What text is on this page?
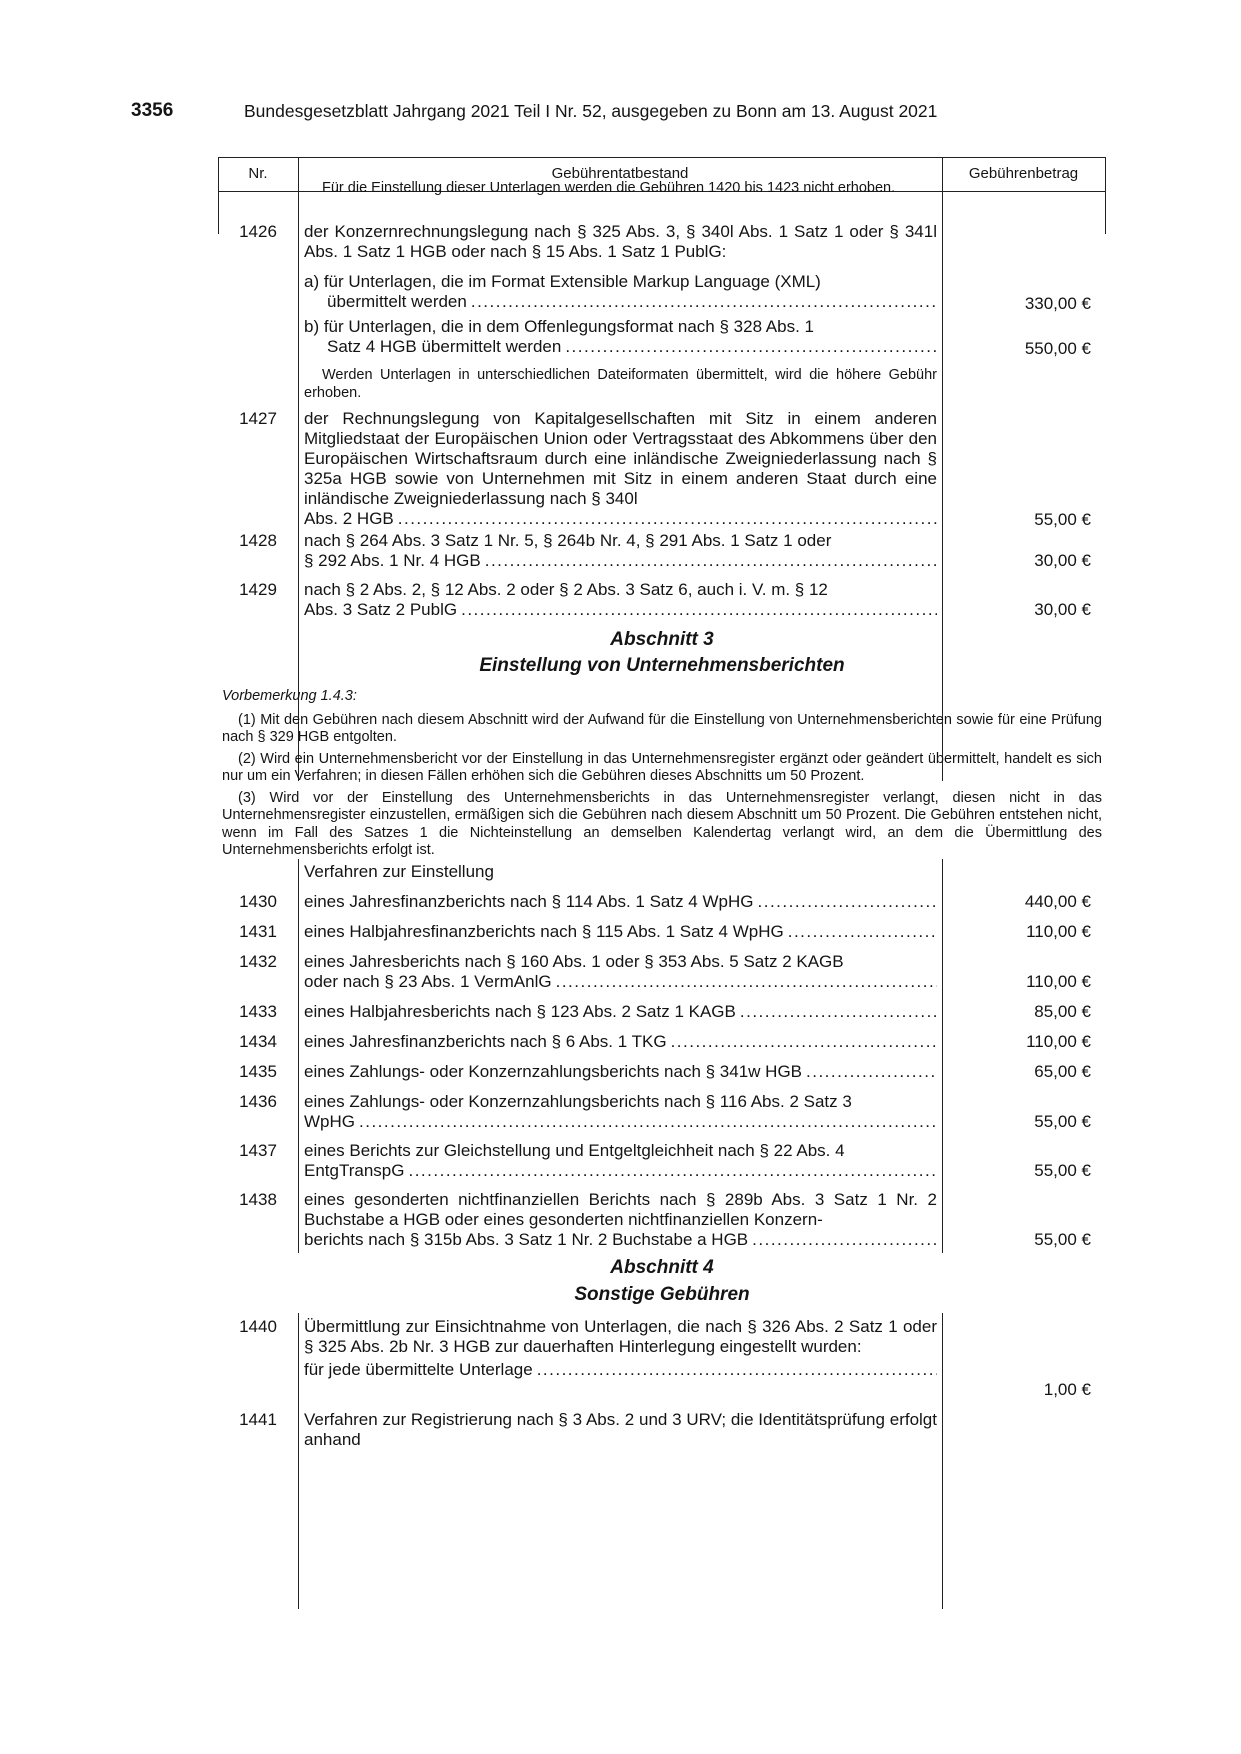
3356	Bundesgesetzblatt Jahrgang 2021 Teil I Nr. 52, ausgegeben zu Bonn am 13. August 2021
Nr.	Gebührentatbestand	Gebührenbetrag
Für die Einstellung dieser Unterlagen werden die Gebühren 1420 bis 1423 nicht erhoben.
1426	der Konzernrechnungslegung nach § 325 Abs. 3, § 340l Abs. 1 Satz 1 oder § 341l Abs. 1 Satz 1 HGB oder nach § 15 Abs. 1 Satz 1 PublG:
a) für Unterlagen, die im Format Extensible Markup Language (XML)
übermittelt werden .....	330,00 €
b) für Unterlagen, die in dem Offenlegungsformat nach § 328 Abs. 1
Satz 4 HGB übermittelt werden .....	550,00 €
Werden Unterlagen in unterschiedlichen Dateiformaten übermittelt, wird die höhere Gebühr erhoben.
1427	der Rechnungslegung von Kapitalgesellschaften mit Sitz in einem anderen Mitgliedstaat der Europäischen Union oder Vertragsstaat des Abkommens über den Europäischen Wirtschaftsraum durch eine inländische Zweigniederlassung nach § 325a HGB sowie von Unternehmen mit Sitz in einem anderen Staat durch eine inländische Zweigniederlassung nach § 340l
Abs. 2 HGB .....	55,00 €
1428	nach § 264 Abs. 3 Satz 1 Nr. 5, § 264b Nr. 4, § 291 Abs. 1 Satz 1 oder
§ 292 Abs. 1 Nr. 4 HGB .....	30,00 €
1429	nach § 2 Abs. 2, § 12 Abs. 2 oder § 2 Abs. 3 Satz 6, auch i. V. m. § 12
Abs. 3 Satz 2 PublG .....	30,00 €
Abschnitt 3
Einstellung von Unternehmensberichten

Vorbemerkung 1.4.3:

(1) Mit den Gebühren nach diesem Abschnitt wird der Aufwand für die Einstellung von Unternehmensberichten sowie für eine Prüfung nach § 329 HGB entgolten.

(2) Wird ein Unternehmensbericht vor der Einstellung in das Unternehmensregister ergänzt oder geändert übermittelt, handelt es sich nur um ein Verfahren; in diesen Fällen erhöhen sich die Gebühren dieses Abschnitts um 50 Prozent.

(3) Wird vor der Einstellung des Unternehmensberichts in das Unternehmensregister verlangt, diesen nicht in das Unternehmensregister einzustellen, ermäßigen sich die Gebühren nach diesem Abschnitt um 50 Prozent. Die Gebühren entstehen nicht, wenn im Fall des Satzes 1 die Nichteinstellung an demselben Kalendertag verlangt wird, an dem die Übermittlung des Unternehmensberichts erfolgt ist.

Verfahren zur Einstellung
1430	eines Jahresfinanzberichts nach § 114 Abs. 1 Satz 4 WpHG .....	440,00 €
1431	eines Halbjahresfinanzberichts nach § 115 Abs. 1 Satz 4 WpHG .....	110,00 €
1432	eines Jahresberichts nach § 160 Abs. 1 oder § 353 Abs. 5 Satz 2 KAGB
oder nach § 23 Abs. 1 VermAnlG .....	110,00 €
1433	eines Halbjahresberichts nach § 123 Abs. 2 Satz 1 KAGB .....	85,00 €
1434	eines Jahresfinanzberichts nach § 6 Abs. 1 TKG .....	110,00 €
1435	eines Zahlungs- oder Konzernzahlungsberichts nach § 341w HGB .....	65,00 €
1436	eines Zahlungs- oder Konzernzahlungsberichts nach § 116 Abs. 2 Satz 3
WpHG .....	55,00 €
1437	eines Berichts zur Gleichstellung und Entgeltgleichheit nach § 22 Abs. 4
EntgTranspG .....	55,00 €
1438	eines gesonderten nichtfinanziellen Berichts nach § 289b Abs. 3 Satz 1 Nr. 2 Buchstabe a HGB oder eines gesonderten nichtfinanziellen Konzern-
berichts nach § 315b Abs. 3 Satz 1 Nr. 2 Buchstabe a HGB .....	55,00 €
Abschnitt 4
Sonstige Gebühren
1440	Übermittlung zur Einsichtnahme von Unterlagen, die nach § 326 Abs. 2 Satz 1 oder § 325 Abs. 2b Nr. 3 HGB zur dauerhaften Hinterlegung eingestellt wurden:
für jede übermittelte Unterlage
.....
1,00 €
1441	Verfahren zur Registrierung nach § 3 Abs. 2 und 3 URV; die Identitätsprüfung erfolgt anhand
